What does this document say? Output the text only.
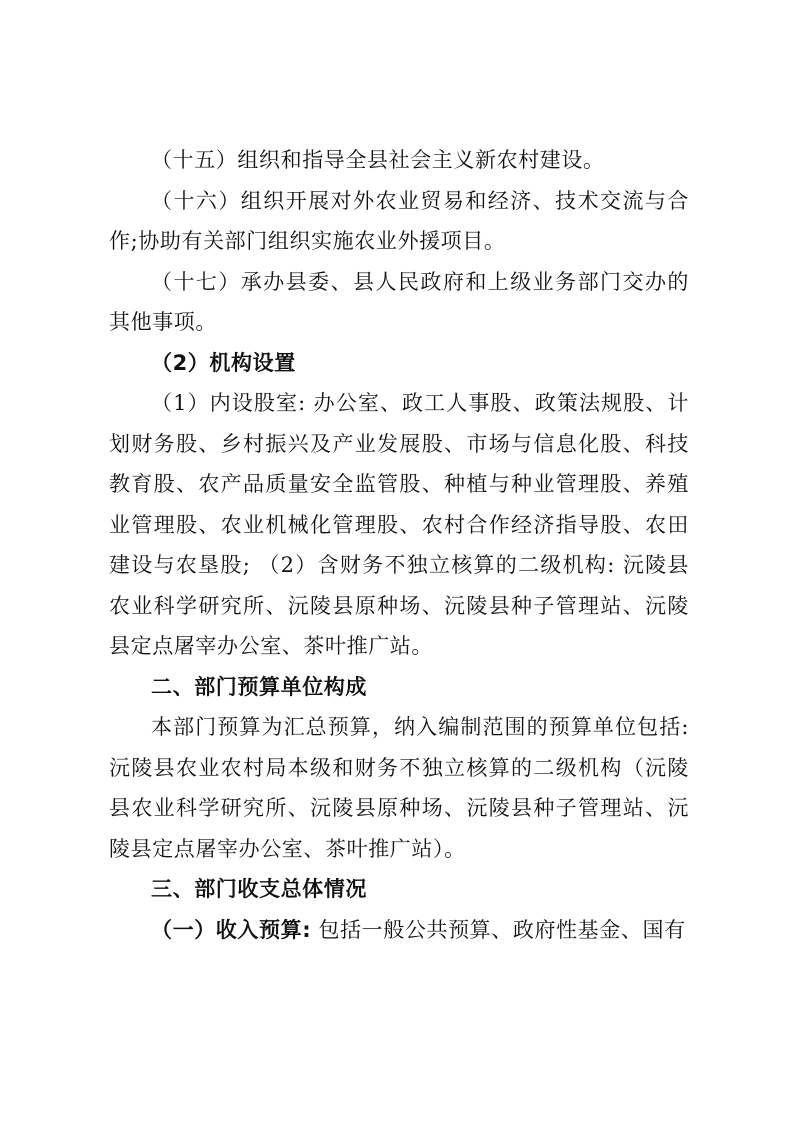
（十五）组织和指导全县社会主义新农村建设。

（十六）组织开展对外农业贸易和经济、技术交流与合作;协助有关部门组织实施农业外援项目。

（十七）承办县委、县人民政府和上级业务部门交办的其他事项。

（2）机构设置

（1）内设股室: 办公室、政工人事股、政策法规股、计划财务股、乡村振兴及产业发展股、市场与信息化股、科技教育股、农产品质量安全监管股、种植与种业管理股、养殖业管理股、农业机械化管理股、农村合作经济指导股、农田建设与农垦股; （2）含财务不独立核算的二级机构: 沅陵县农业科学研究所、沅陵县原种场、沅陵县种子管理站、沅陵县定点屠宰办公室、茶叶推广站。

二、部门预算单位构成

本部门预算为汇总预算，纳入编制范围的预算单位包括:沅陵县农业农村局本级和财务不独立核算的二级机构（沅陵县农业科学研究所、沅陵县原种场、沅陵县种子管理站、沅陵县定点屠宰办公室、茶叶推广站）。

三、部门收支总体情况

（一）收入预算: 包括一般公共预算、政府性基金、国有
